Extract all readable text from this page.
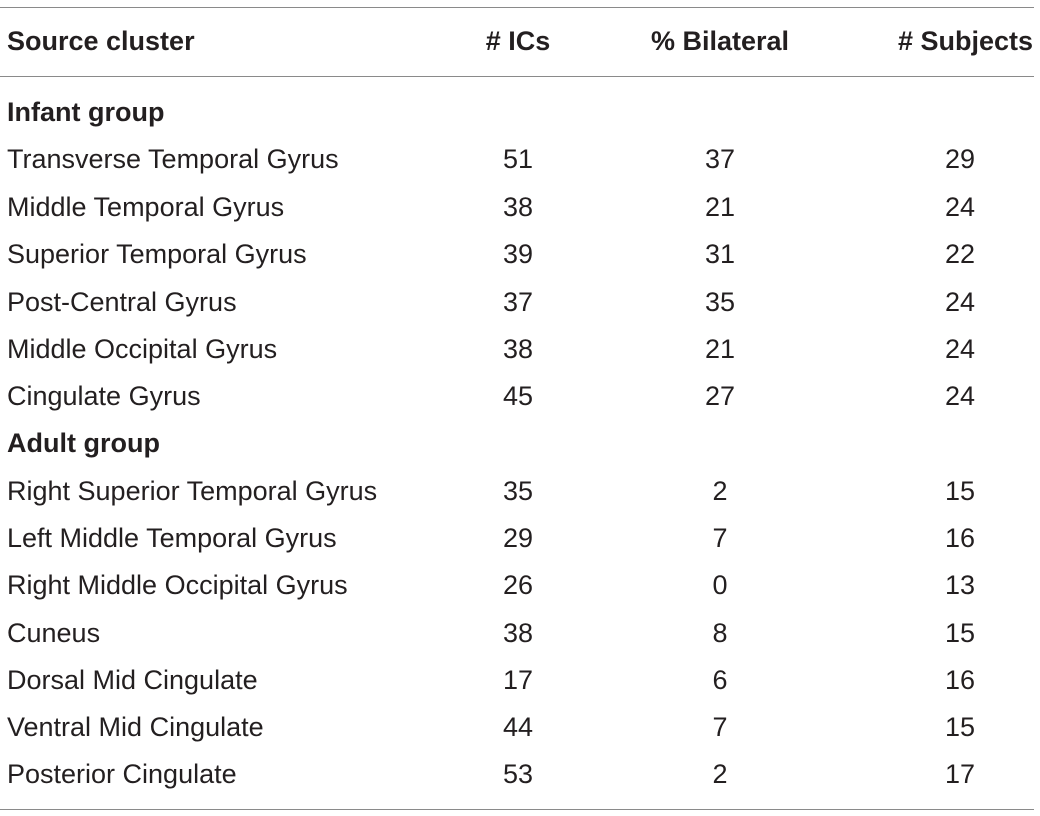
Source cluster	# ICs	% Bilateral	# Subjects
Infant group
Transverse Temporal Gyrus	51	37	29
Middle Temporal Gyrus	38	21	24
Superior Temporal Gyrus	39	31	22
Post-Central Gyrus	37	35	24
Middle Occipital Gyrus	38	21	24
Cingulate Gyrus	45	27	24
Adult group
Right Superior Temporal Gyrus	35	2	15
Left Middle Temporal Gyrus	29	7	16
Right Middle Occipital Gyrus	26	0	13
Cuneus	38	8	15
Dorsal Mid Cingulate	17	6	16
Ventral Mid Cingulate	44	7	15
Posterior Cingulate	53	2	17
